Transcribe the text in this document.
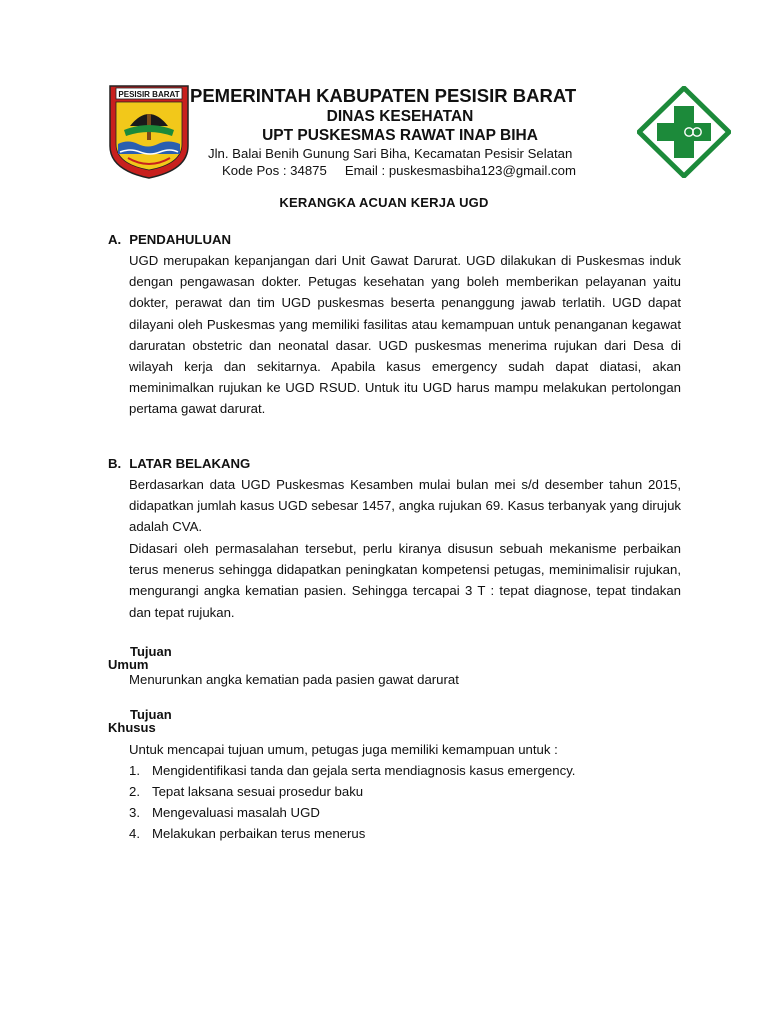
PESISIR BARAT PEMERINTAH KABUPATEN PESISIR BARAT
DINAS KESEHATAN
UPT PUSKESMAS RAWAT INAP BIHA
Jln. Balai Benih Gunung Sari Biha, Kecamatan Pesisir Selatan
Kode Pos : 34875 Email : puskesmasbiha123@gmail.com
KERANGKA ACUAN KERJA UGD
A. PENDAHULUAN
UGD merupakan kepanjangan dari Unit Gawat Darurat. UGD dilakukan di Puskesmas induk dengan pengawasan dokter. Petugas kesehatan yang boleh memberikan pelayanan yaitu dokter, perawat dan tim UGD puskesmas beserta penanggung jawab terlatih. UGD dapat dilayani oleh Puskesmas yang memiliki fasilitas atau kemampuan untuk penanganan kegawat daruratan obstetric dan neonatal dasar. UGD puskesmas menerima rujukan dari Desa di wilayah kerja dan sekitarnya. Apabila kasus emergency sudah dapat diatasi, akan meminimalkan rujukan ke UGD RSUD. Untuk itu UGD harus mampu melakukan pertolongan pertama gawat darurat.
B. LATAR BELAKANG
Berdasarkan data UGD Puskesmas Kesamben mulai bulan mei s/d desember tahun 2015, didapatkan jumlah kasus UGD sebesar 1457, angka rujukan 69. Kasus terbanyak yang dirujuk adalah CVA.
Didasari oleh permasalahan tersebut, perlu kiranya disusun sebuah mekanisme perbaikan terus menerus sehingga didapatkan peningkatan kompetensi petugas, meminimalisir rujukan, mengurangi angka kematian pasien. Sehingga tercapai 3 T : tepat diagnose, tepat tindakan dan tepat rujukan.
Tujuan
Umum
Menurunkan angka kematian pada pasien gawat darurat
Tujuan
Khusus
Untuk mencapai tujuan umum, petugas juga memiliki kemampuan untuk :
1. Mengidentifikasi tanda dan gejala serta mendiagnosis kasus emergency.
2. Tepat laksana sesuai prosedur baku
3. Mengevaluasi masalah UGD
4. Melakukan perbaikan terus menerus
